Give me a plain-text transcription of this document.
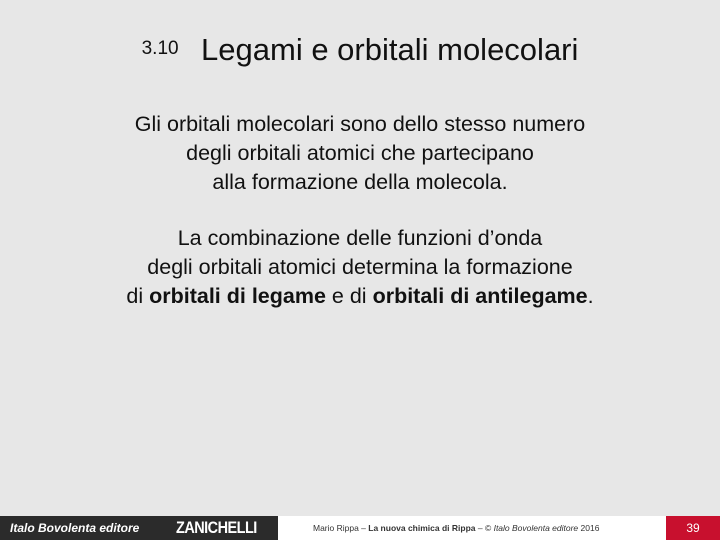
3.10 Legami e orbitali molecolari
Gli orbitali molecolari sono dello stesso numero
degli orbitali atomici che partecipano
alla formazione della molecola.
La combinazione delle funzioni d’onda
degli orbitali atomici determina la formazione
di orbitali di legame e di orbitali di antilegame.
Italo Bovolenta editore ZANICHELLI	Mario Rippa – La nuova chimica di Rippa – © Italo Bovolenta editore 2016	39
